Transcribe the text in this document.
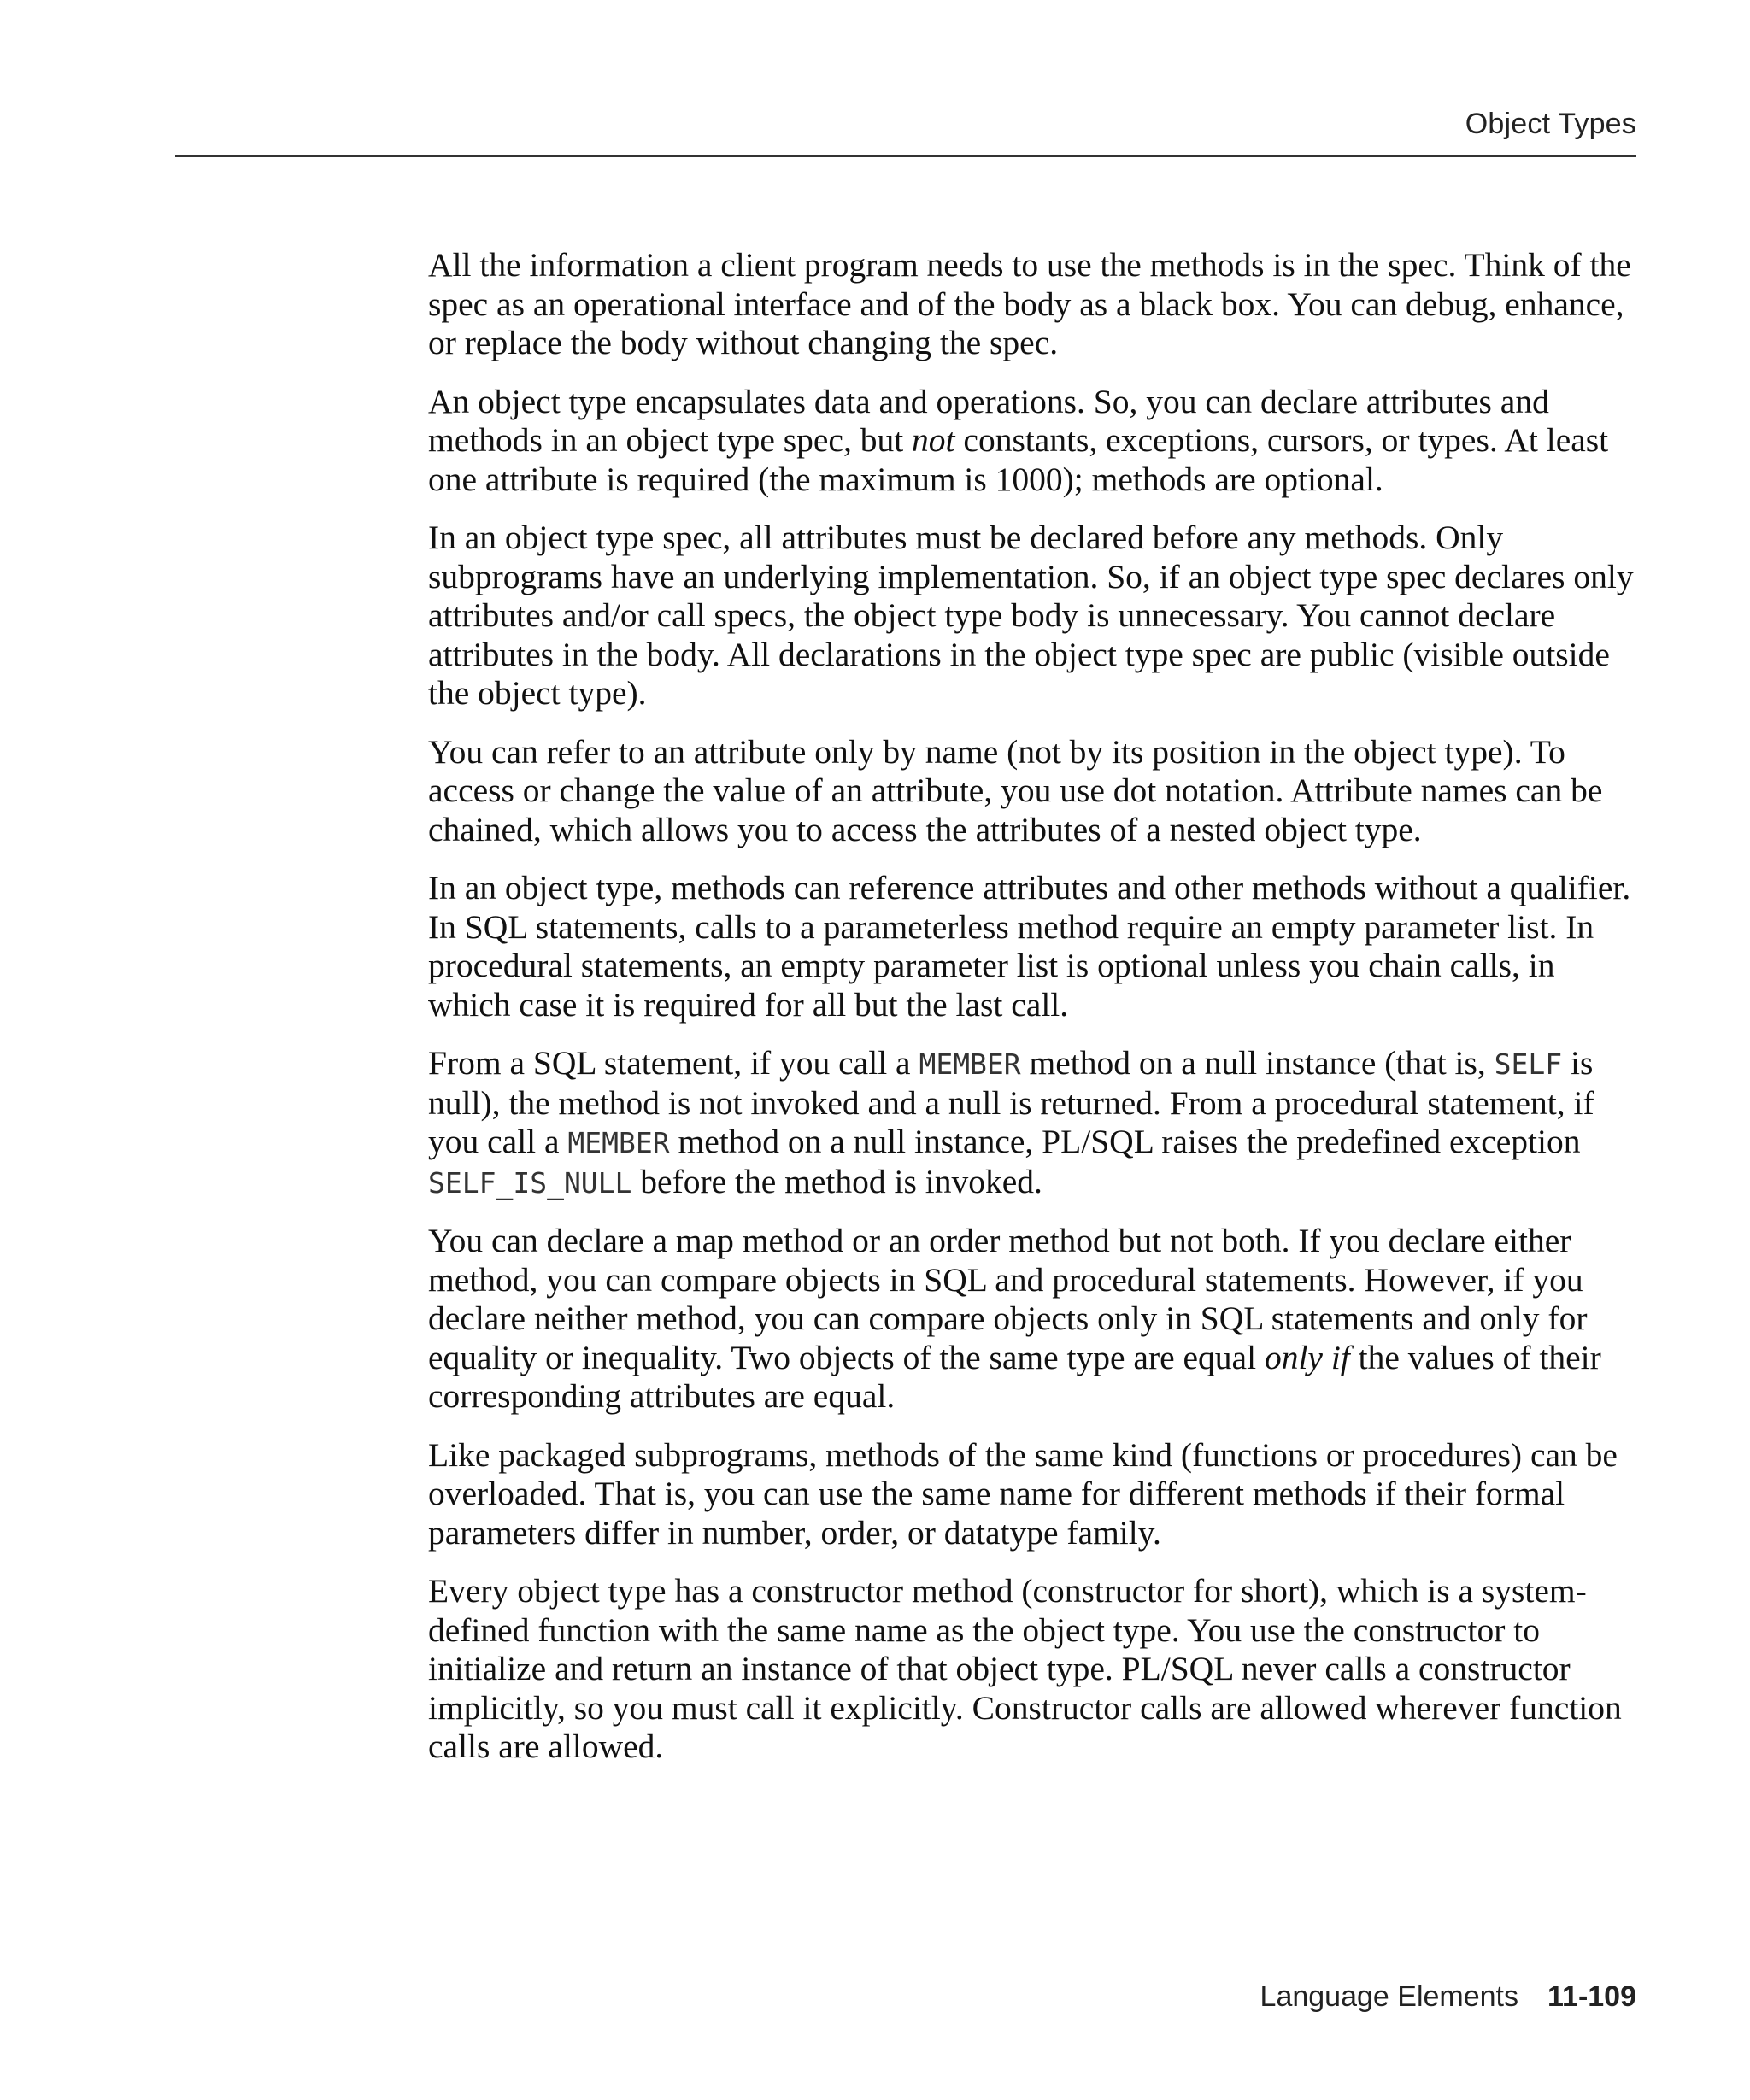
Object Types

All the information a client program needs to use the methods is in the spec. Think of the spec as an operational interface and of the body as a black box. You can debug, enhance, or replace the body without changing the spec.

An object type encapsulates data and operations. So, you can declare attributes and methods in an object type spec, but not constants, exceptions, cursors, or types. At least one attribute is required (the maximum is 1000); methods are optional.

In an object type spec, all attributes must be declared before any methods. Only subprograms have an underlying implementation. So, if an object type spec declares only attributes and/or call specs, the object type body is unnecessary. You cannot declare attributes in the body. All declarations in the object type spec are public (visible outside the object type).

You can refer to an attribute only by name (not by its position in the object type). To access or change the value of an attribute, you use dot notation. Attribute names can be chained, which allows you to access the attributes of a nested object type.

In an object type, methods can reference attributes and other methods without a qualifier. In SQL statements, calls to a parameterless method require an empty parameter list. In procedural statements, an empty parameter list is optional unless you chain calls, in which case it is required for all but the last call.

From a SQL statement, if you call a MEMBER method on a null instance (that is, SELF is null), the method is not invoked and a null is returned. From a procedural statement, if you call a MEMBER method on a null instance, PL/SQL raises the predefined exception SELF_IS_NULL before the method is invoked.

You can declare a map method or an order method but not both. If you declare either method, you can compare objects in SQL and procedural statements. However, if you declare neither method, you can compare objects only in SQL statements and only for equality or inequality. Two objects of the same type are equal only if the values of their corresponding attributes are equal.

Like packaged subprograms, methods of the same kind (functions or procedures) can be overloaded. That is, you can use the same name for different methods if their formal parameters differ in number, order, or datatype family.

Every object type has a constructor method (constructor for short), which is a system-defined function with the same name as the object type. You use the constructor to initialize and return an instance of that object type. PL/SQL never calls a constructor implicitly, so you must call it explicitly. Constructor calls are allowed wherever function calls are allowed.

Language Elements 11-109
